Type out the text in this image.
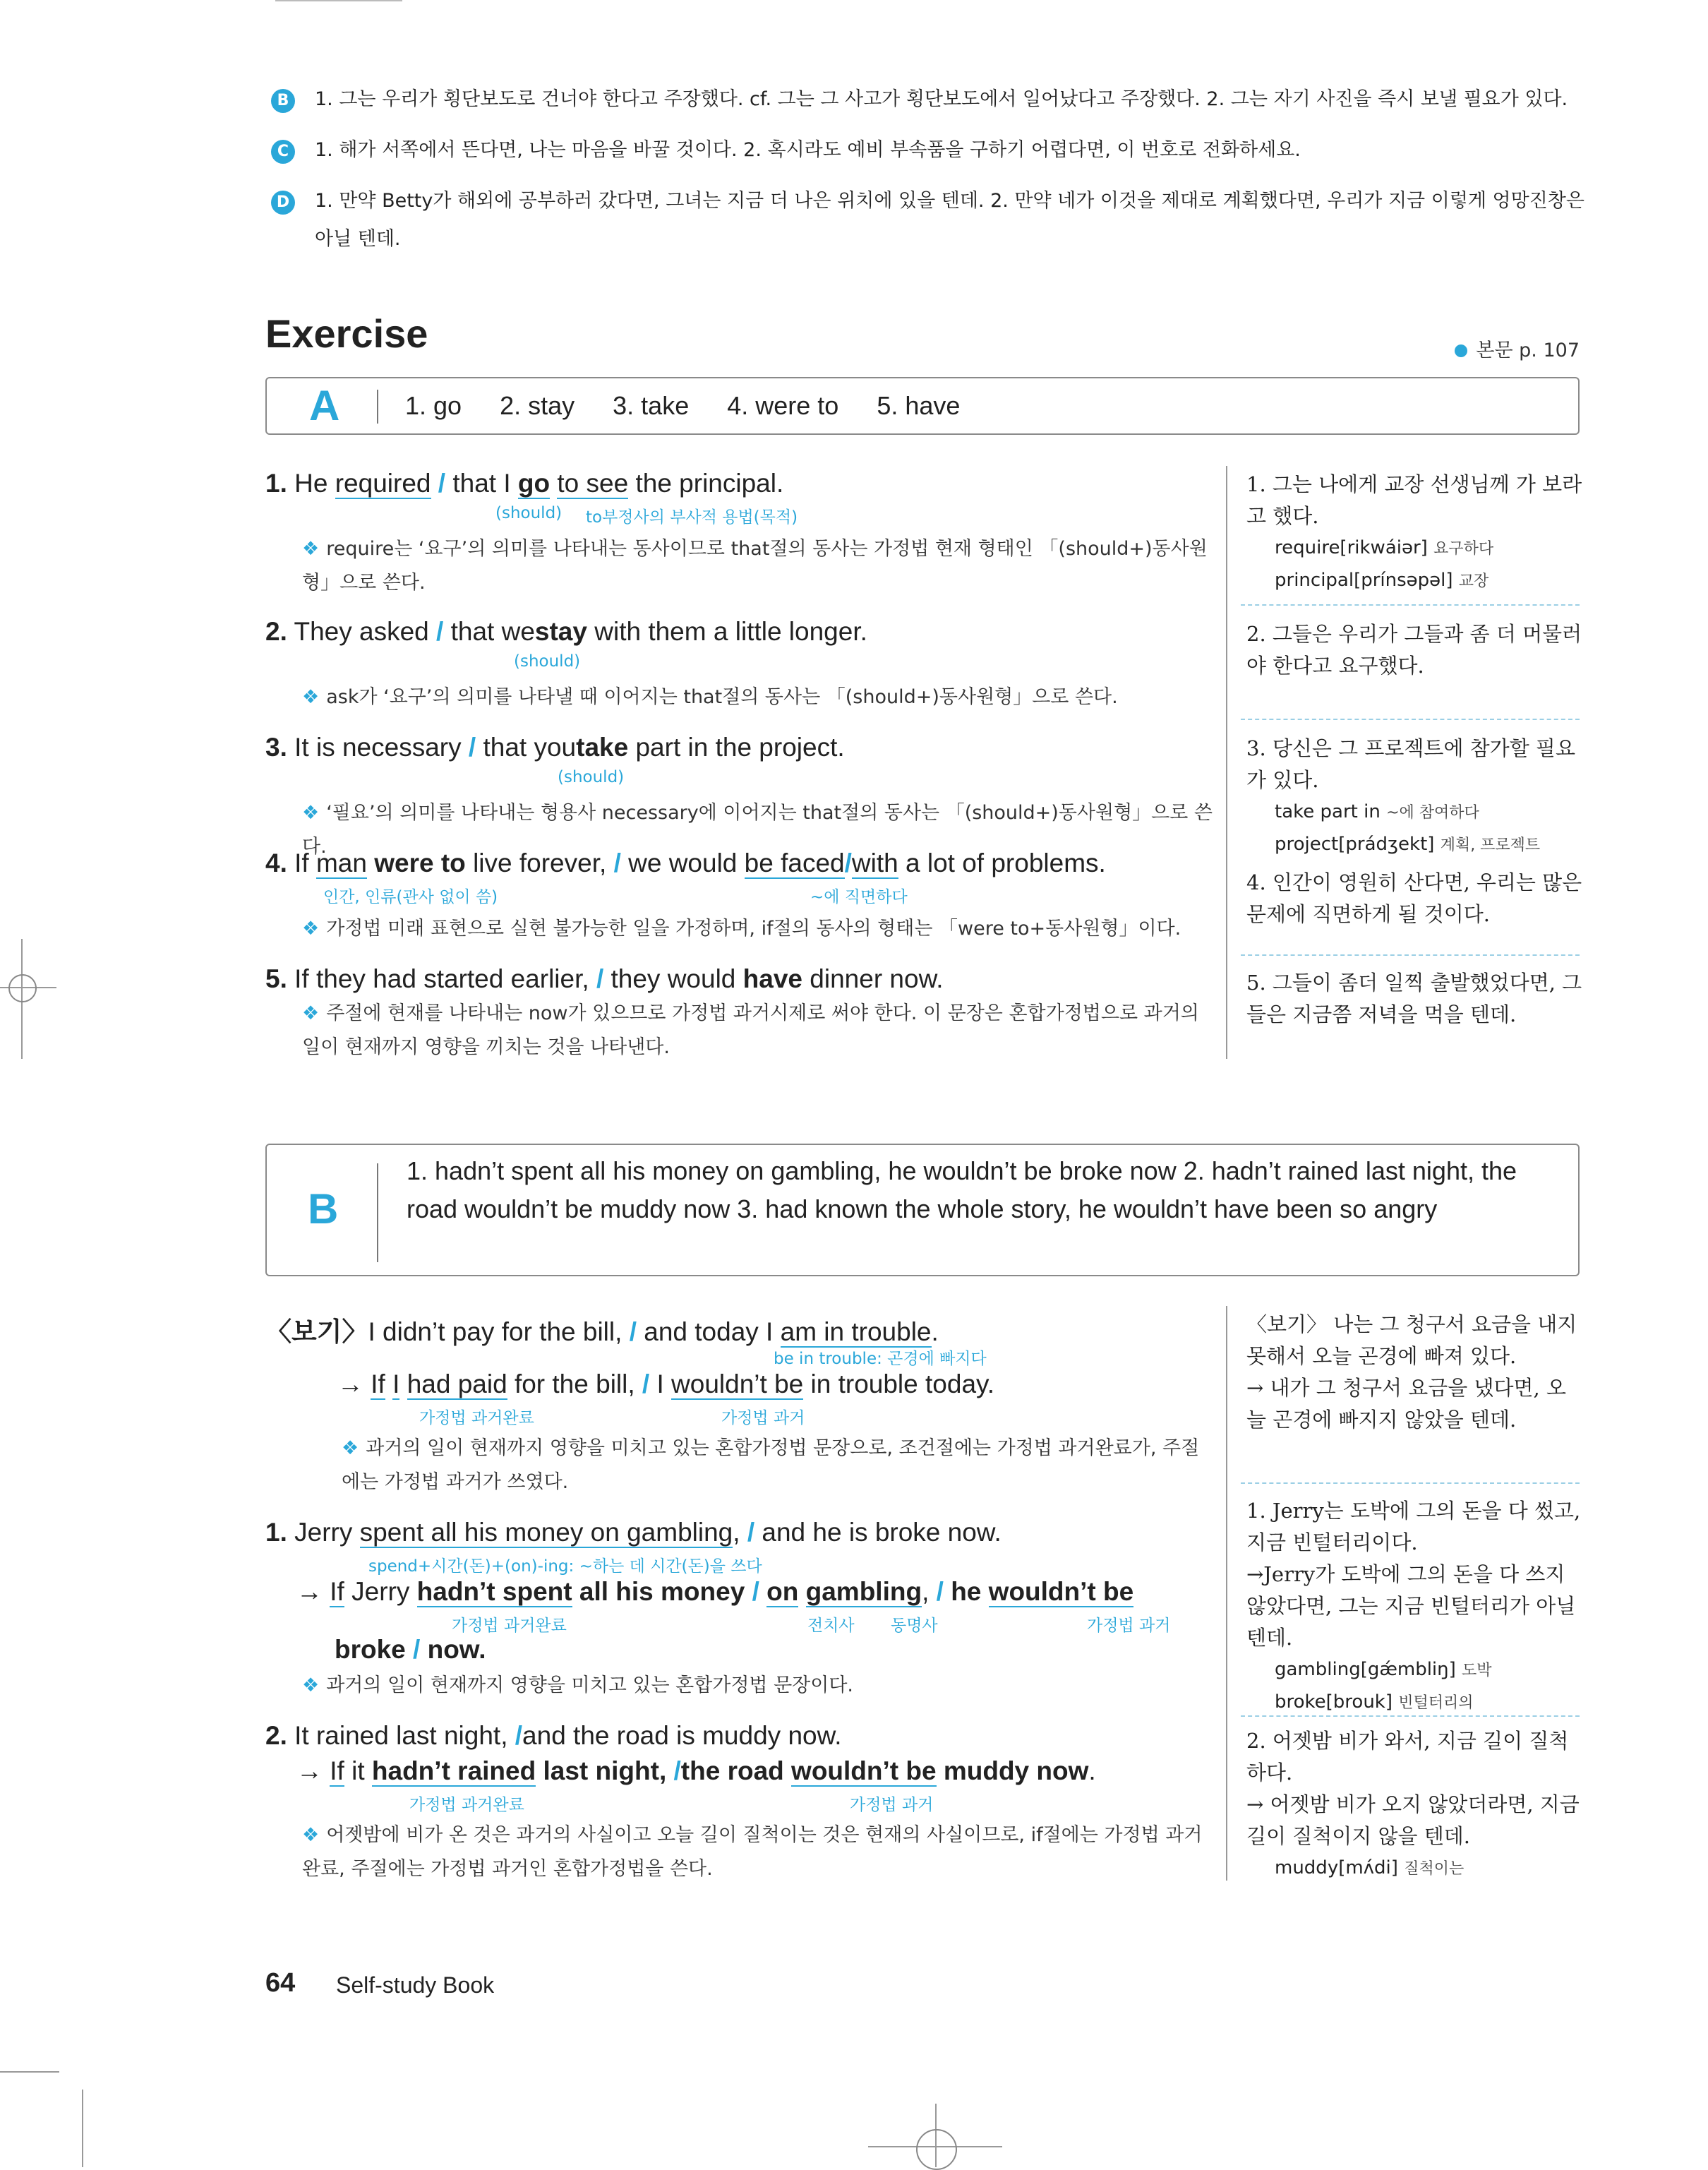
B	1. 그는 우리가 횡단보도로 건너야 한다고 주장했다. cf. 그는 그 사고가 횡단보도에서 일어났다고 주장했다. 2. 그는 자기 사진을 즉시 보낼 필요가 있다.
C	1. 해가 서쪽에서 뜬다면, 나는 마음을 바꿀 것이다. 2. 혹시라도 예비 부속품을 구하기 어렵다면, 이 번호로 전화하세요.
D 1. 만약 Betty가 해외에 공부하러 갔다면, 그녀는 지금 더 나은 위치에 있을 텐데. 2. 만약 네가 이것을 제대로 계획했다면, 우리가 지금 이렇게 엉망진창은 아닐 텐데.
Exercise	본문 p. 107
A	1. go 2. stay 3. take 4. were to 5. have
1. He required / that I go to see the principal.
(should) to부정사의 부사적 용법(목적)
❖ require는 ‘요구’의 의미를 나타내는 동사이므로 that절의 동사는 가정법 현재 형태인 「(should+)동사원형」으로 쓴다.
2. They asked / that westay with them a little longer.
(should)
❖ ask가 ‘요구’의 의미를 나타낼 때 이어지는 that절의 동사는 「(should+)동사원형」으로 쓴다.
3. It is necessary / that youtake part in the project.
(should)
❖ ‘필요’의 의미를 나타내는 형용사 necessary에 이어지는 that절의 동사는 「(should+)동사원형」으로 쓴다.
4. If man were to live forever, / we would be faced/with a lot of problems.
인간, 인류(관사 없이 씀)	~에 직면하다
❖ 가정법 미래 표현으로 실현 불가능한 일을 가정하며, if절의 동사의 형태는 「were to+동사원형」이다.
5. If they had started earlier, / they would have dinner now.
❖ 주절에 현재를 나타내는 now가 있으므로 가정법 과거시제로 써야 한다. 이 문장은 혼합가정법으로 과거의 일이 현재까지 영향을 끼치는 것을 나타낸다.
1. 그는 나에게 교장 선생님께 가 보라고 했다.
require[rikwáiər] 요구하다
principal[prínsəpəl] 교장
2. 그들은 우리가 그들과 좀 더 머물러야 한다고 요구했다.
3. 당신은 그 프로젝트에 참가할 필요가 있다.
take part in ~에 참여하다
project[prádʒekt] 계획, 프로젝트
4. 인간이 영원히 산다면, 우리는 많은 문제에 직면하게 될 것이다.
5. 그들이 좀더 일찍 출발했었다면, 그들은 지금쯤 저녁을 먹을 텐데.
B
1. hadn’t spent all his money on gambling, he wouldn’t be broke now 2. hadn’t rained last night, the road wouldn’t be muddy now 3. had known the whole story, he wouldn’t have been so angry
〈보기〉I didn’t pay for the bill, / and today I am in trouble.
be in trouble: 곤경에 빠지다
→ If I had paid for the bill, / I wouldn’t be in trouble today.
가정법 과거완료	가정법 과거
❖ 과거의 일이 현재까지 영향을 미치고 있는 혼합가정법 문장으로, 조건절에는 가정법 과거완료가, 주절에는 가정법 과거가 쓰였다.
1. Jerry spent all his money on gambling, / and he is broke now.
spend+시간(돈)+(on)-ing: ~하는 데 시간(돈)을 쓰다
→ If Jerry hadn’t spent all his money / on gambling, / he wouldn’t be
가정법 과거완료	전치사 동명사	가정법 과거
broke / now.
❖ 과거의 일이 현재까지 영향을 미치고 있는 혼합가정법 문장이다.
2. It rained last night, /and the road is muddy now.
→ If it hadn’t rained last night, /the road wouldn’t be muddy now.
가정법 과거완료	가정법 과거
❖ 어젯밤에 비가 온 것은 과거의 사실이고 오늘 길이 질척이는 것은 현재의 사실이므로, if절에는 가정법 과거완료, 주절에는 가정법 과거인 혼합가정법을 쓴다.
〈보기〉 나는 그 청구서 요금을 내지 못해서 오늘 곤경에 빠져 있다.
→ 내가 그 청구서 요금을 냈다면, 오늘 곤경에 빠지지 않았을 텐데.
1. Jerry는 도박에 그의 돈을 다 썼고, 지금 빈털터리이다.
→Jerry가 도박에 그의 돈을 다 쓰지 않았다면, 그는 지금 빈털터리가 아닐 텐데.
gambling[gǽmbliŋ] 도박
broke[brouk] 빈털터리의
2. 어젯밤 비가 와서, 지금 길이 질척하다.
→ 어젯밤 비가 오지 않았더라면, 지금 길이 질척이지 않을 텐데.
muddy[mʌ́di] 질척이는
64 Self-study Book
